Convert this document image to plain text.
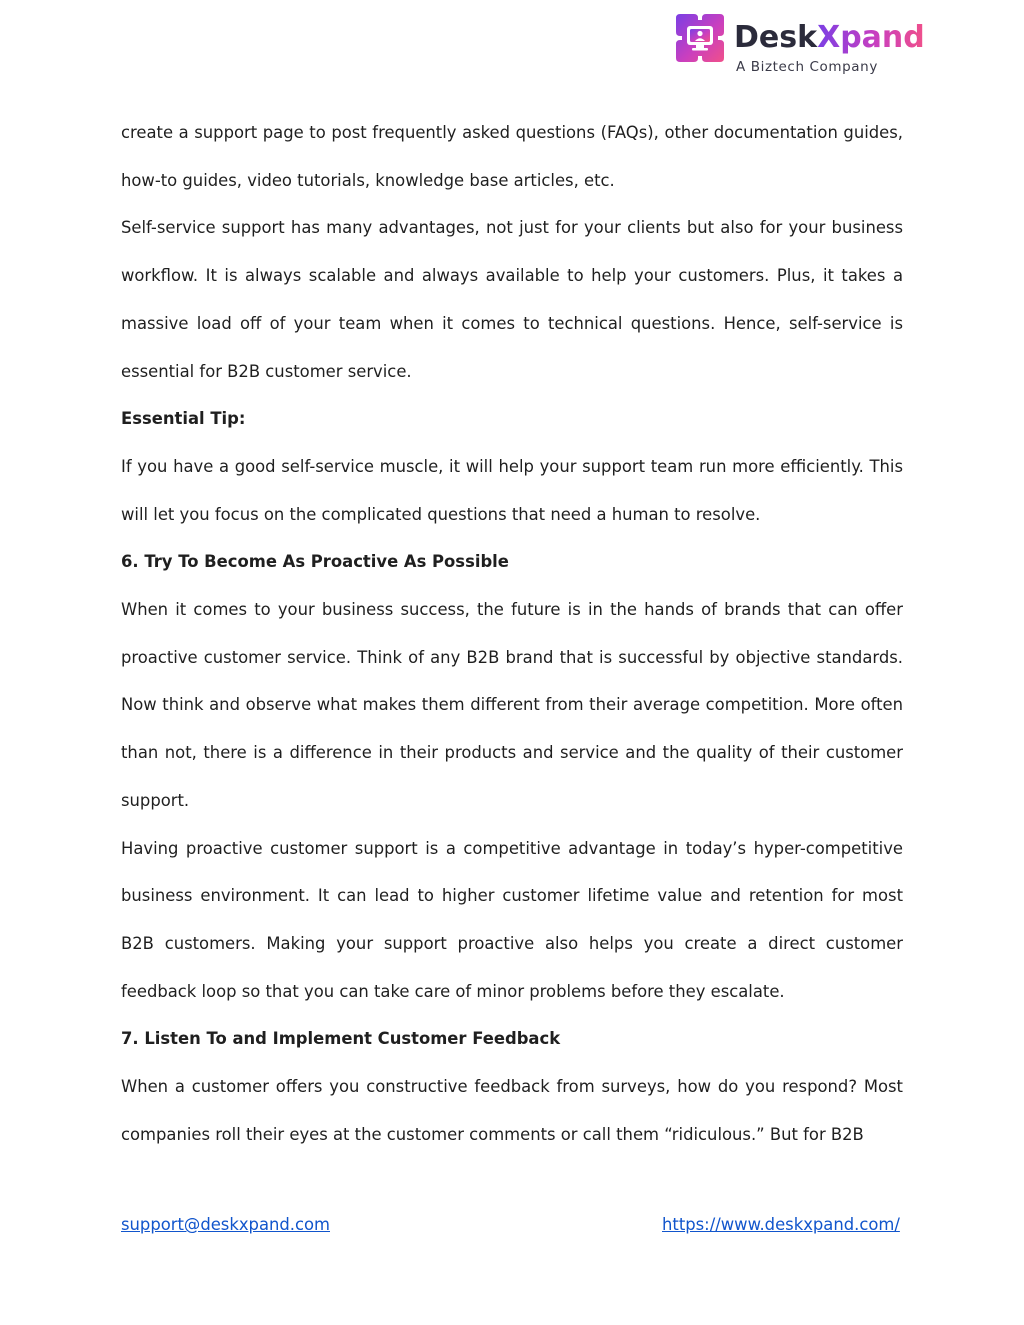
DeskXpand
A Biztech Company

create a support page to post frequently asked questions (FAQs), other documentation guides, how-to guides, video tutorials, knowledge base articles, etc.

Self-service support has many advantages, not just for your clients but also for your business workflow. It is always scalable and always available to help your customers. Plus, it takes a massive load off of your team when it comes to technical questions. Hence, self-service is essential for B2B customer service.

Essential Tip:

If you have a good self-service muscle, it will help your support team run more efficiently. This will let you focus on the complicated questions that need a human to resolve.

6. Try To Become As Proactive As Possible

When it comes to your business success, the future is in the hands of brands that can offer proactive customer service. Think of any B2B brand that is successful by objective standards. Now think and observe what makes them different from their average competition. More often than not, there is a difference in their products and service and the quality of their customer support.

Having proactive customer support is a competitive advantage in today’s hyper-competitive business environment. It can lead to higher customer lifetime value and retention for most B2B customers. Making your support proactive also helps you create a direct customer feedback loop so that you can take care of minor problems before they escalate.

7. Listen To and Implement Customer Feedback

When a customer offers you constructive feedback from surveys, how do you respond? Most companies roll their eyes at the customer comments or call them “ridiculous.” But for B2B

support@deskxpand.com	https://www.deskxpand.com/
